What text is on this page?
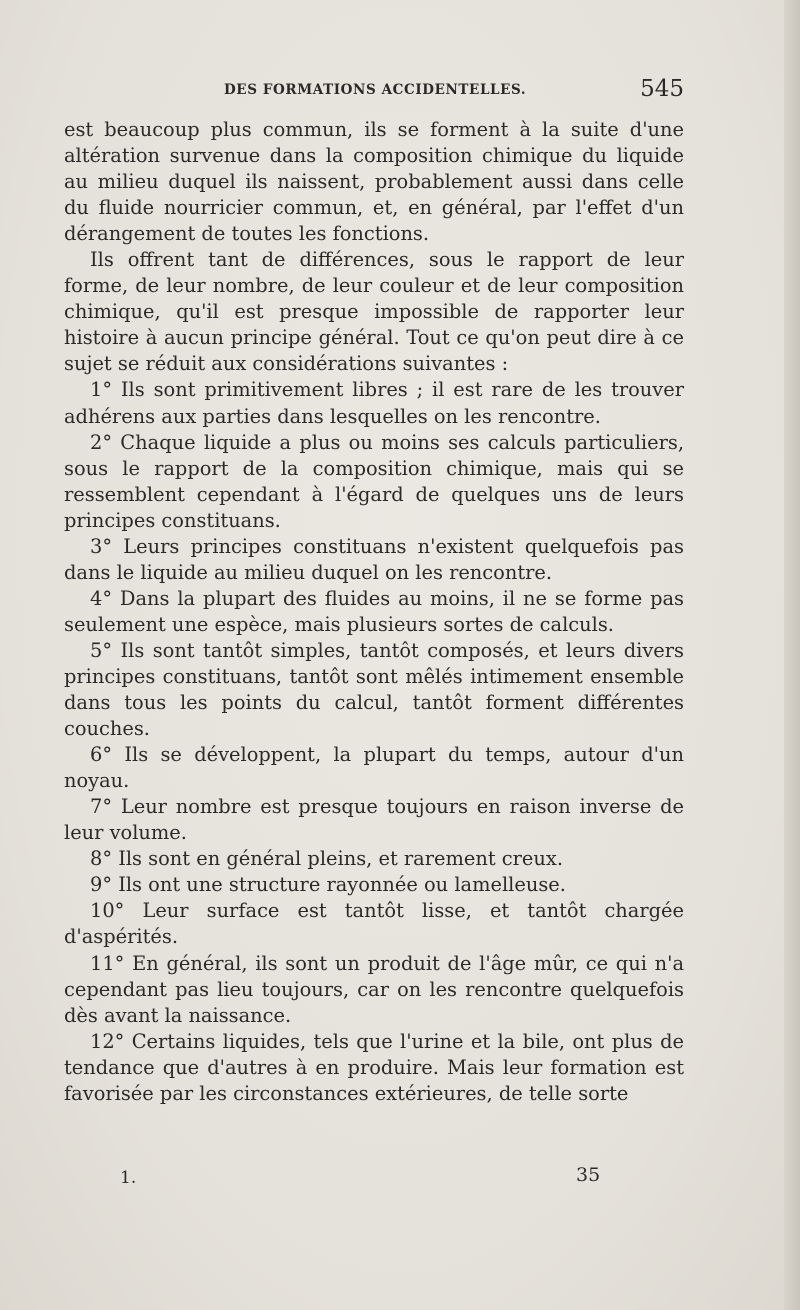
DES FORMATIONS ACCIDENTELLES.	545

est beaucoup plus commun, ils se forment à la suite d'une altération survenue dans la composition chimique du liquide au milieu duquel ils naissent, probablement aussi dans celle du fluide nourricier commun, et, en général, par l'effet d'un dérangement de toutes les fonctions.

Ils offrent tant de différences, sous le rapport de leur forme, de leur nombre, de leur couleur et de leur composition chimique, qu'il est presque impossible de rapporter leur histoire à aucun principe général. Tout ce qu'on peut dire à ce sujet se réduit aux considérations suivantes :

1° Ils sont primitivement libres ; il est rare de les trouver adhérens aux parties dans lesquelles on les rencontre.

2° Chaque liquide a plus ou moins ses calculs particuliers, sous le rapport de la composition chimique, mais qui se ressemblent cependant à l'égard de quelques uns de leurs principes constituans.

3° Leurs principes constituans n'existent quelquefois pas dans le liquide au milieu duquel on les rencontre.

4° Dans la plupart des fluides au moins, il ne se forme pas seulement une espèce, mais plusieurs sortes de calculs.

5° Ils sont tantôt simples, tantôt composés, et leurs divers principes constituans, tantôt sont mêlés intimement ensemble dans tous les points du calcul, tantôt forment différentes couches.

6° Ils se développent, la plupart du temps, autour d'un noyau.

7° Leur nombre est presque toujours en raison inverse de leur volume.

8° Ils sont en général pleins, et rarement creux.

9° Ils ont une structure rayonnée ou lamelleuse.

10° Leur surface est tantôt lisse, et tantôt chargée d'aspérités.

11° En général, ils sont un produit de l'âge mûr, ce qui n'a cependant pas lieu toujours, car on les rencontre quelquefois dès avant la naissance.

12° Certains liquides, tels que l'urine et la bile, ont plus de tendance que d'autres à en produire. Mais leur formation est favorisée par les circonstances extérieures, de telle sorte

1.	35
